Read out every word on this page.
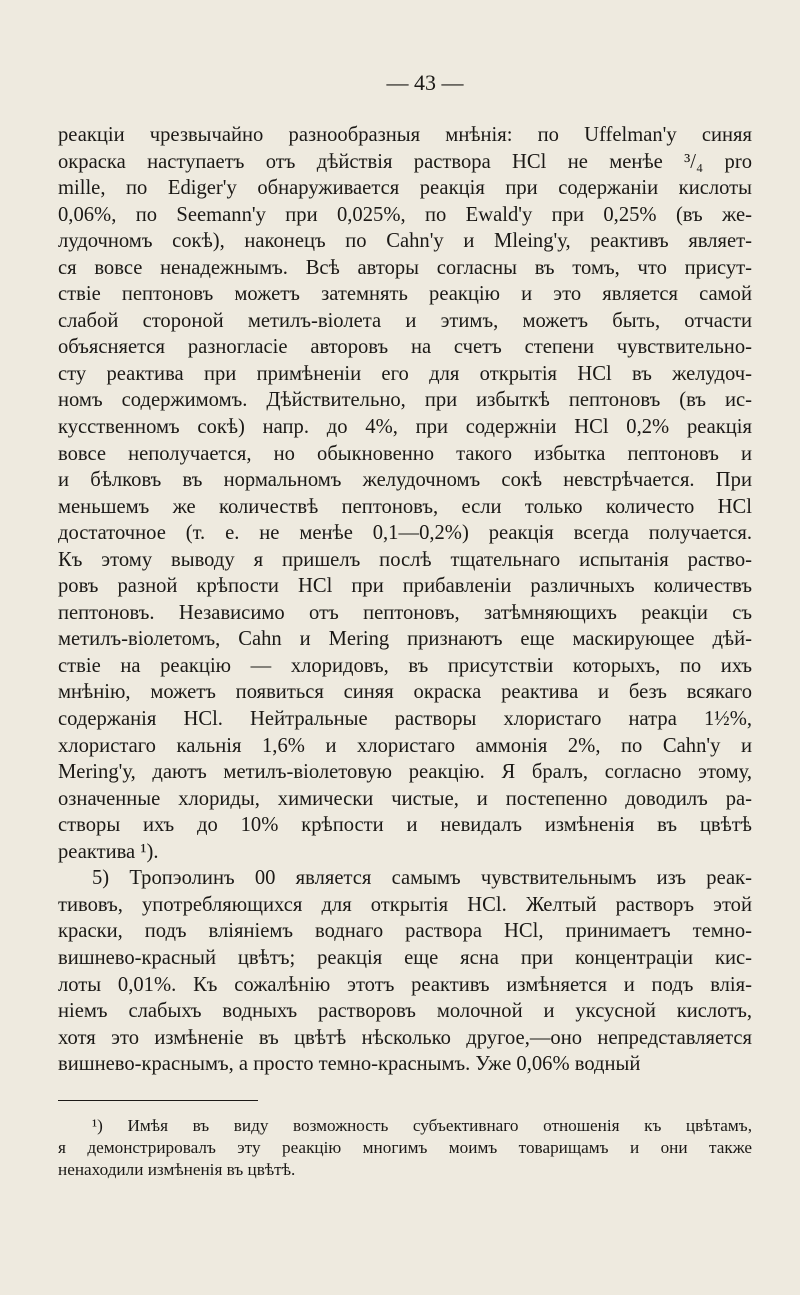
— 43 —
реакціи чрезвычайно разнообразныя мнѣнія: по Uffelman'у синяя
окраска наступаетъ отъ дѣйствія раствора HCl не менѣе ³/₄ pro
mille, по Ediger'у обнаруживается реакція при содержаніи кислоты
0,06%, по Seemann'у при 0,025%, по Ewald'у при 0,25% (въ же-
лудочномъ сокѣ), наконецъ по Cahn'у и Mleing'у, реактивъ являет-
ся вовсе ненадежнымъ. Всѣ авторы согласны въ томъ, что присут-
ствіе пептоновъ можетъ затемнять реакцію и это является самой
слабой стороной метилъ-віолета и этимъ, можетъ быть, отчасти
объясняется разногласіе авторовъ на счетъ степени чувствительно-
сту реактива при примѣненіи его для открытія HCl въ желудоч-
номъ содержимомъ. Дѣйствительно, при избыткѣ пептоновъ (въ ис-
кусственномъ сокѣ) напр. до 4%, при содержніи HCl 0,2% реакція
вовсе неполучается, но обыкновенно такого избытка пептоновъ и
и бѣлковъ въ нормальномъ желудочномъ сокѣ невстрѣчается. При
меньшемъ же количествѣ пептоновъ, если только количесто HCl
достаточное (т. е. не менѣе 0,1—0,2%) реакція всегда получается.
Къ этому выводу я пришелъ послѣ тщательнаго испытанія раство-
ровъ разной крѣпости HCl при прибавленіи различныхъ количествъ
пептоновъ. Независимо отъ пептоновъ, затѣмняющихъ реакціи съ
метилъ-віолетомъ, Cahn и Mering признаютъ еще маскирующее дѣй-
ствіе на реакцію — хлоридовъ, въ присутствіи которыхъ, по ихъ
мнѣнію, можетъ появиться синяя окраска реактива и безъ всякаго
содержанія HCl. Нейтральные растворы хлористаго натра 1½%,
хлористаго кальнія 1,6% и хлористаго аммонія 2%, по Cahn'у и
Mering'у, даютъ метилъ-віолетовую реакцію. Я бралъ, согласно этому,
означенные хлориды, химически чистые, и постепенно доводилъ ра-
створы ихъ до 10% крѣпости и невидалъ измѣненія въ цвѣтѣ
реактива ¹).
5) Тропэолинъ 00 является самымъ чувствительнымъ изъ реак-
тивовъ, употребляющихся для открытія HCl. Желтый растворъ этой
краски, подъ вліяніемъ воднаго раствора HCl, принимаетъ темно-
вишнево-красный цвѣтъ; реакція еще ясна при концентраціи кис-
лоты 0,01%. Къ сожалѣнію этотъ реактивъ измѣняется и подъ влія-
ніемъ слабыхъ водныхъ растворовъ молочной и уксусной кислотъ,
хотя это измѣненіе въ цвѣтѣ нѣсколько другое,—оно непредставляется
вишнево-краснымъ, а просто темно-краснымъ. Уже 0,06% водный
¹) Имѣя въ виду возможность субъективнаго отношенія къ цвѣтамъ,
я демонстрировалъ эту реакцію многимъ моимъ товарищамъ и они также
ненаходили измѣненія въ цвѣтѣ.
